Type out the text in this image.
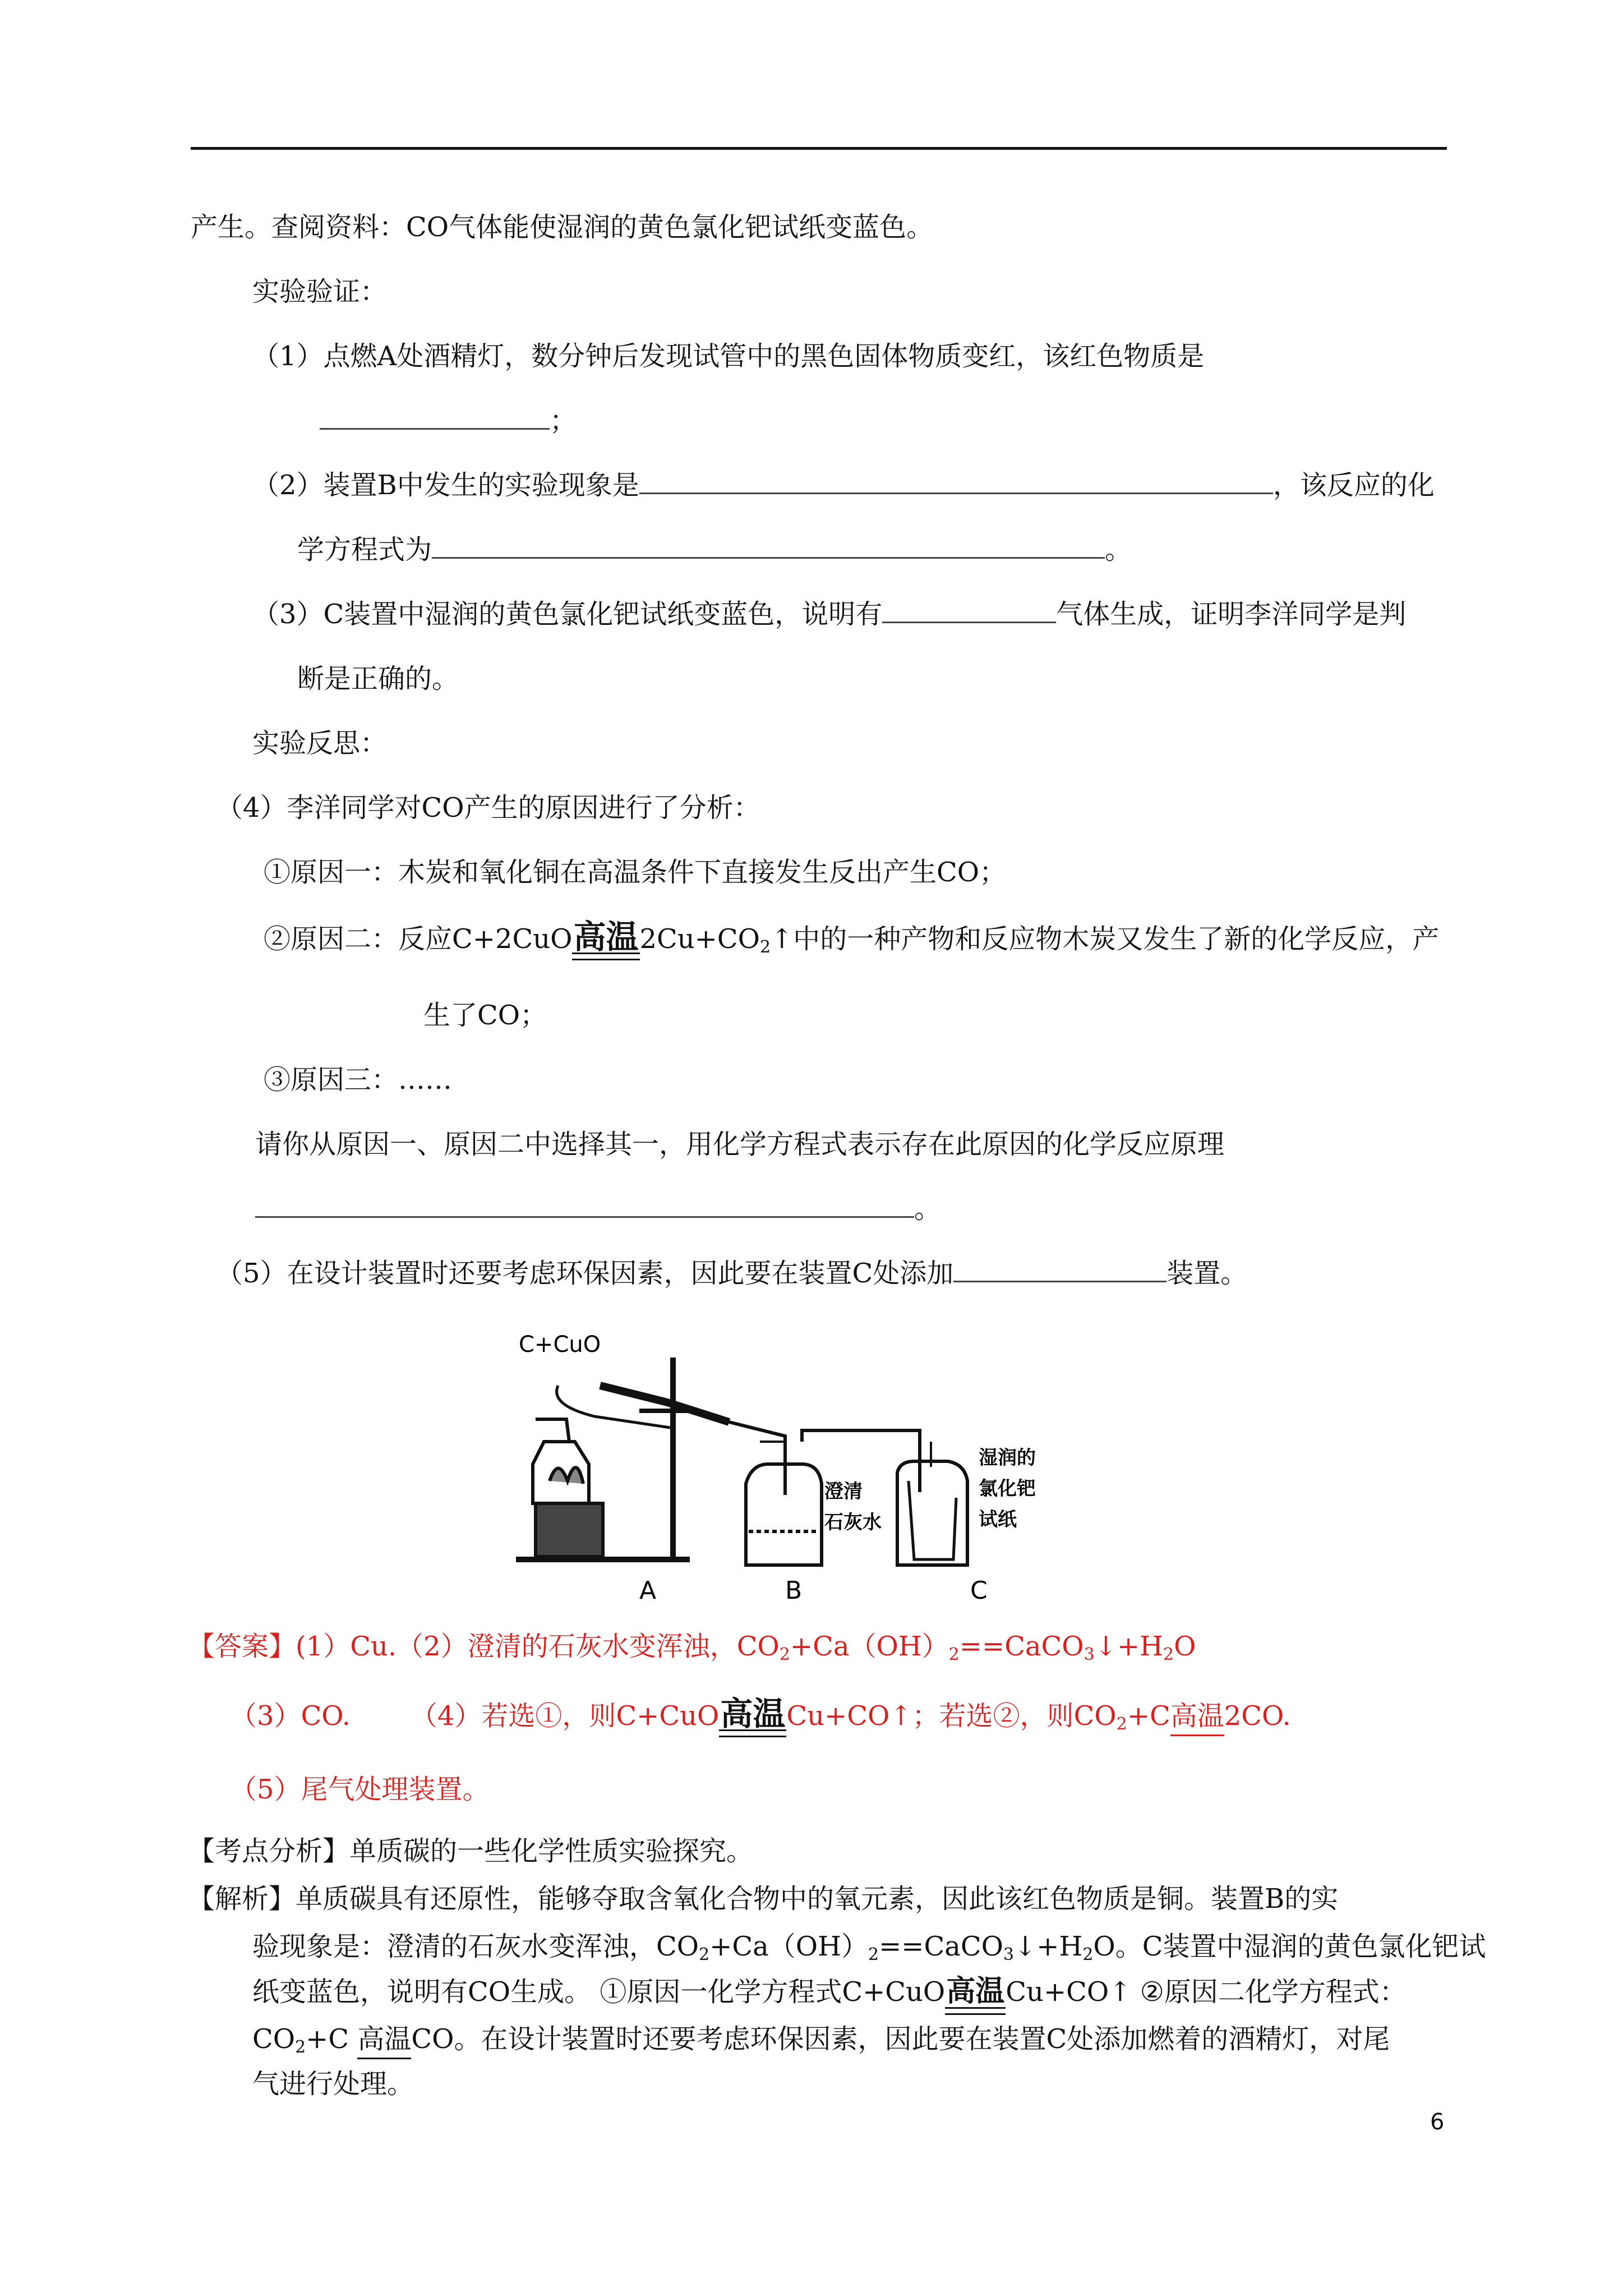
产生。查阅资料：CO气体能使湿润的黄色氯化钯试纸变蓝色。
实验验证：
（1）点燃A处酒精灯，数分钟后发现试管中的黑色固体物质变红，该红色物质是
；
（2）装置B中发生的实验现象是	，该反应的化
学方程式为	。
（3）C装置中湿润的黄色氯化钯试纸变蓝色，说明有	气体生成，证明李洋同学是判
断是正确的。
实验反思：
（4）李洋同学对CO产生的原因进行了分析：
①原因一：木炭和氧化铜在高温条件下直接发生反出产生CO；
②原因二：反应C+2CuO高温$2Cu+CO_2↑$中的一种产物和反应物木炭又发生了新的化学反应，产
生了CO；
③原因三：……
请你从原因一、原因二中选择其一，用化学方程式表示存在此原因的化学反应原理
。
（5）在设计装置时还要考虑环保因素，因此要在装置C处添加	装置。
C+CuO
澄清
石灰水
湿润的
氯化钯
试纸
A	B	C
【答案】(1）Cu.（2）澄清的石灰水变浑浊，$CO_2+Ca(OH)_2==CaCO_3↓+H_2O$
（3）CO. （4）若选①，则C+CuO高温Cu+CO↑；若选②，则$CO_2+C$高温2CO.
（5）尾气处理装置。
【考点分析】单质碳的一些化学性质实验探究。
【解析】单质碳具有还原性，能够夺取含氧化合物中的氧元素，因此该红色物质是铜。装置B的实
验现象是：澄清的石灰水变浑浊，$CO_2+Ca(OH)_2==CaCO_3↓+H_2O$。C装置中湿润的黄色氯化钯试
纸变蓝色，说明有CO生成。 ①原因一化学方程式C+CuO高温Cu+CO↑ ②原因二化学方程式：
$CO_2+C$ 高温CO。在设计装置时还要考虑环保因素，因此要在装置C处添加燃着的酒精灯，对尾
气进行处理。
6
